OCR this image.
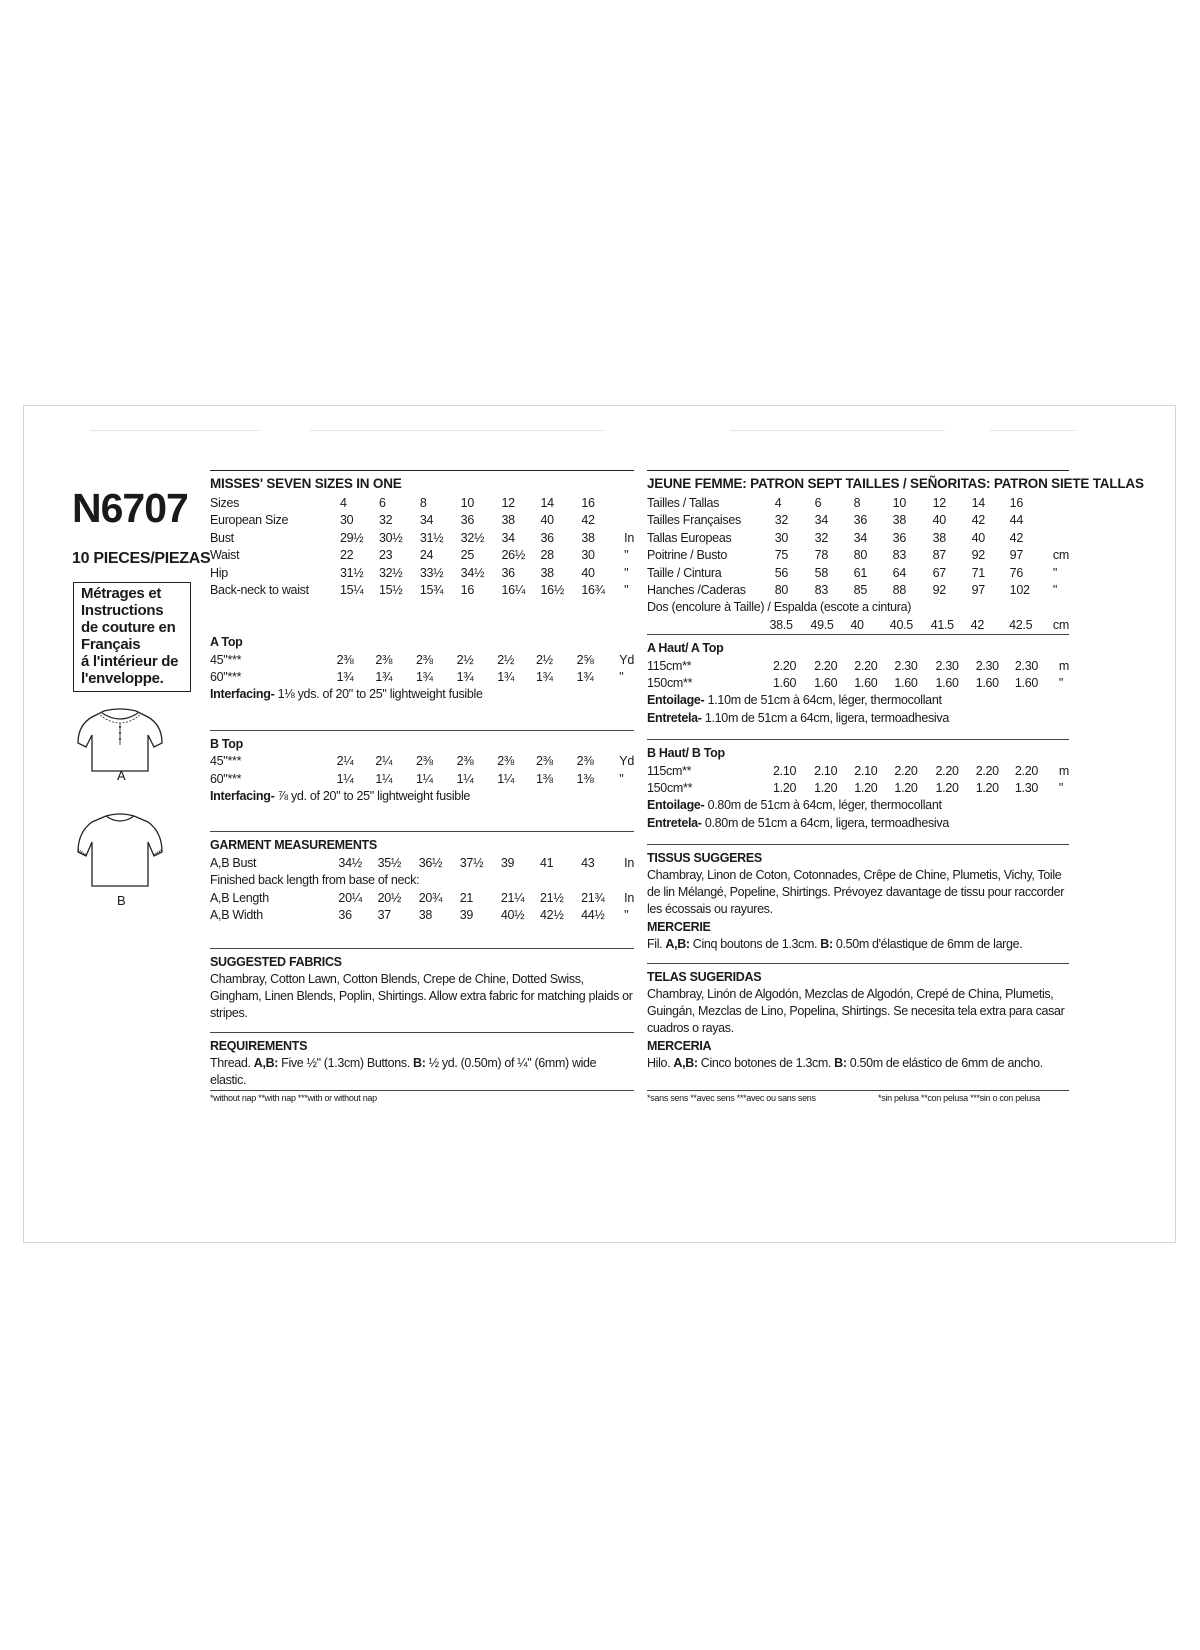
N6707
10 PIECES/PIEZAS
Métrages et
Instructions
de couture en
Français
á l'intérieur de
l'enveloppe.
A
B
MISSES' SEVEN SIZES IN ONE
Sizes	4	6	8	10	12	14	16		
European Size	30	32	34	36	38	40	42		
Bust	29½	30½	31½	32½	34	36	38		In
Waist	22	23	24	25	26½	28	30		"
Hip	31½	32½	33½	34½	36	38	40		"
Back-neck to waist	15¼	15½	15¾	16	16¼	16½	16¾		"
A Top
45"***	2⅜	2⅜	2⅜	2½	2½	2½	2⅝		Yd
60"***	1¾	1¾	1¾	1¾	1¾	1¾	1¾		"
Interfacing- 1⅛ yds. of 20" to 25" lightweight fusible
B Top
45"***	2¼	2¼	2⅜	2⅜	2⅜	2⅜	2⅜		Yd
60"***	1¼	1¼	1¼	1¼	1¼	1⅜	1⅜		"
Interfacing- ⅞ yd. of 20" to 25" lightweight fusible
GARMENT MEASUREMENTS
A,B Bust	34½	35½	36½	37½	39	41	43		In
Finished back length from base of neck:									
A,B Length	20¼	20½	20¾	21	21¼	21½	21¾		In
A,B Width	36	37	38	39	40½	42½	44½		"
SUGGESTED FABRICS
Chambray, Cotton Lawn, Cotton Blends, Crepe de Chine, Dotted Swiss, Gingham, Linen Blends, Poplin, Shirtings. Allow extra fabric for matching plaids or stripes.
REQUIREMENTS
Thread. A,B: Five ½" (1.3cm) Buttons. B: ½ yd. (0.50m) of ¼" (6mm) wide elastic.
*without nap **with nap ***with or without nap
JEUNE FEMME: PATRON SEPT TAILLES / SEÑORITAS: PATRON SIETE TALLAS
Tailles / Tallas	4	6	8	10	12	14	16		
Tailles Françaises	32	34	36	38	40	42	44		
Tallas Europeas	30	32	34	36	38	40	42		
Poitrine / Busto	75	78	80	83	87	92	97		cm
Taille / Cintura	56	58	61	64	67	71	76		"
Hanches /Caderas	80	83	85	88	92	97	102		"
Dos (encolure à Taille) / Espalda (escote a cintura)
	38.5	49.5	40	40.5	41.5	42	42.5		cm
A Haut/ A Top
115cm**	2.20	2.20	2.20	2.30	2.30	2.30	2.30		m
150cm**	1.60	1.60	1.60	1.60	1.60	1.60	1.60		"
Entoilage- 1.10m de 51cm à 64cm, léger, thermocollant
Entretela- 1.10m de 51cm a 64cm, ligera, termoadhesiva
B Haut/ B Top
115cm**	2.10	2.10	2.10	2.20	2.20	2.20	2.20		m
150cm**	1.20	1.20	1.20	1.20	1.20	1.20	1.30		"
Entoilage- 0.80m de 51cm à 64cm, léger, thermocollant
Entretela- 0.80m de 51cm a 64cm, ligera, termoadhesiva
TISSUS SUGGERES
Chambray, Linon de Coton, Cotonnades, Crêpe de Chine, Plumetis, Vichy, Toile de lin Mélangé, Popeline, Shirtings. Prévoyez davantage de tissu pour raccorder les écossais ou rayures.
MERCERIE
Fil. A,B: Cinq boutons de 1.3cm. B: 0.50m d'élastique de 6mm de large.
TELAS SUGERIDAS
Chambray, Linón de Algodón, Mezclas de Algodón, Crepé de China, Plumetis, Guingán, Mezclas de Lino, Popelina, Shirtings. Se necesita tela extra para casar cuadros o rayas.
MERCERIA
Hilo. A,B: Cinco botones de 1.3cm. B: 0.50m de elástico de 6mm de ancho.
*sans sens **avec sens ***avec ou sans sens	*sin pelusa **con pelusa ***sin o con pelusa
